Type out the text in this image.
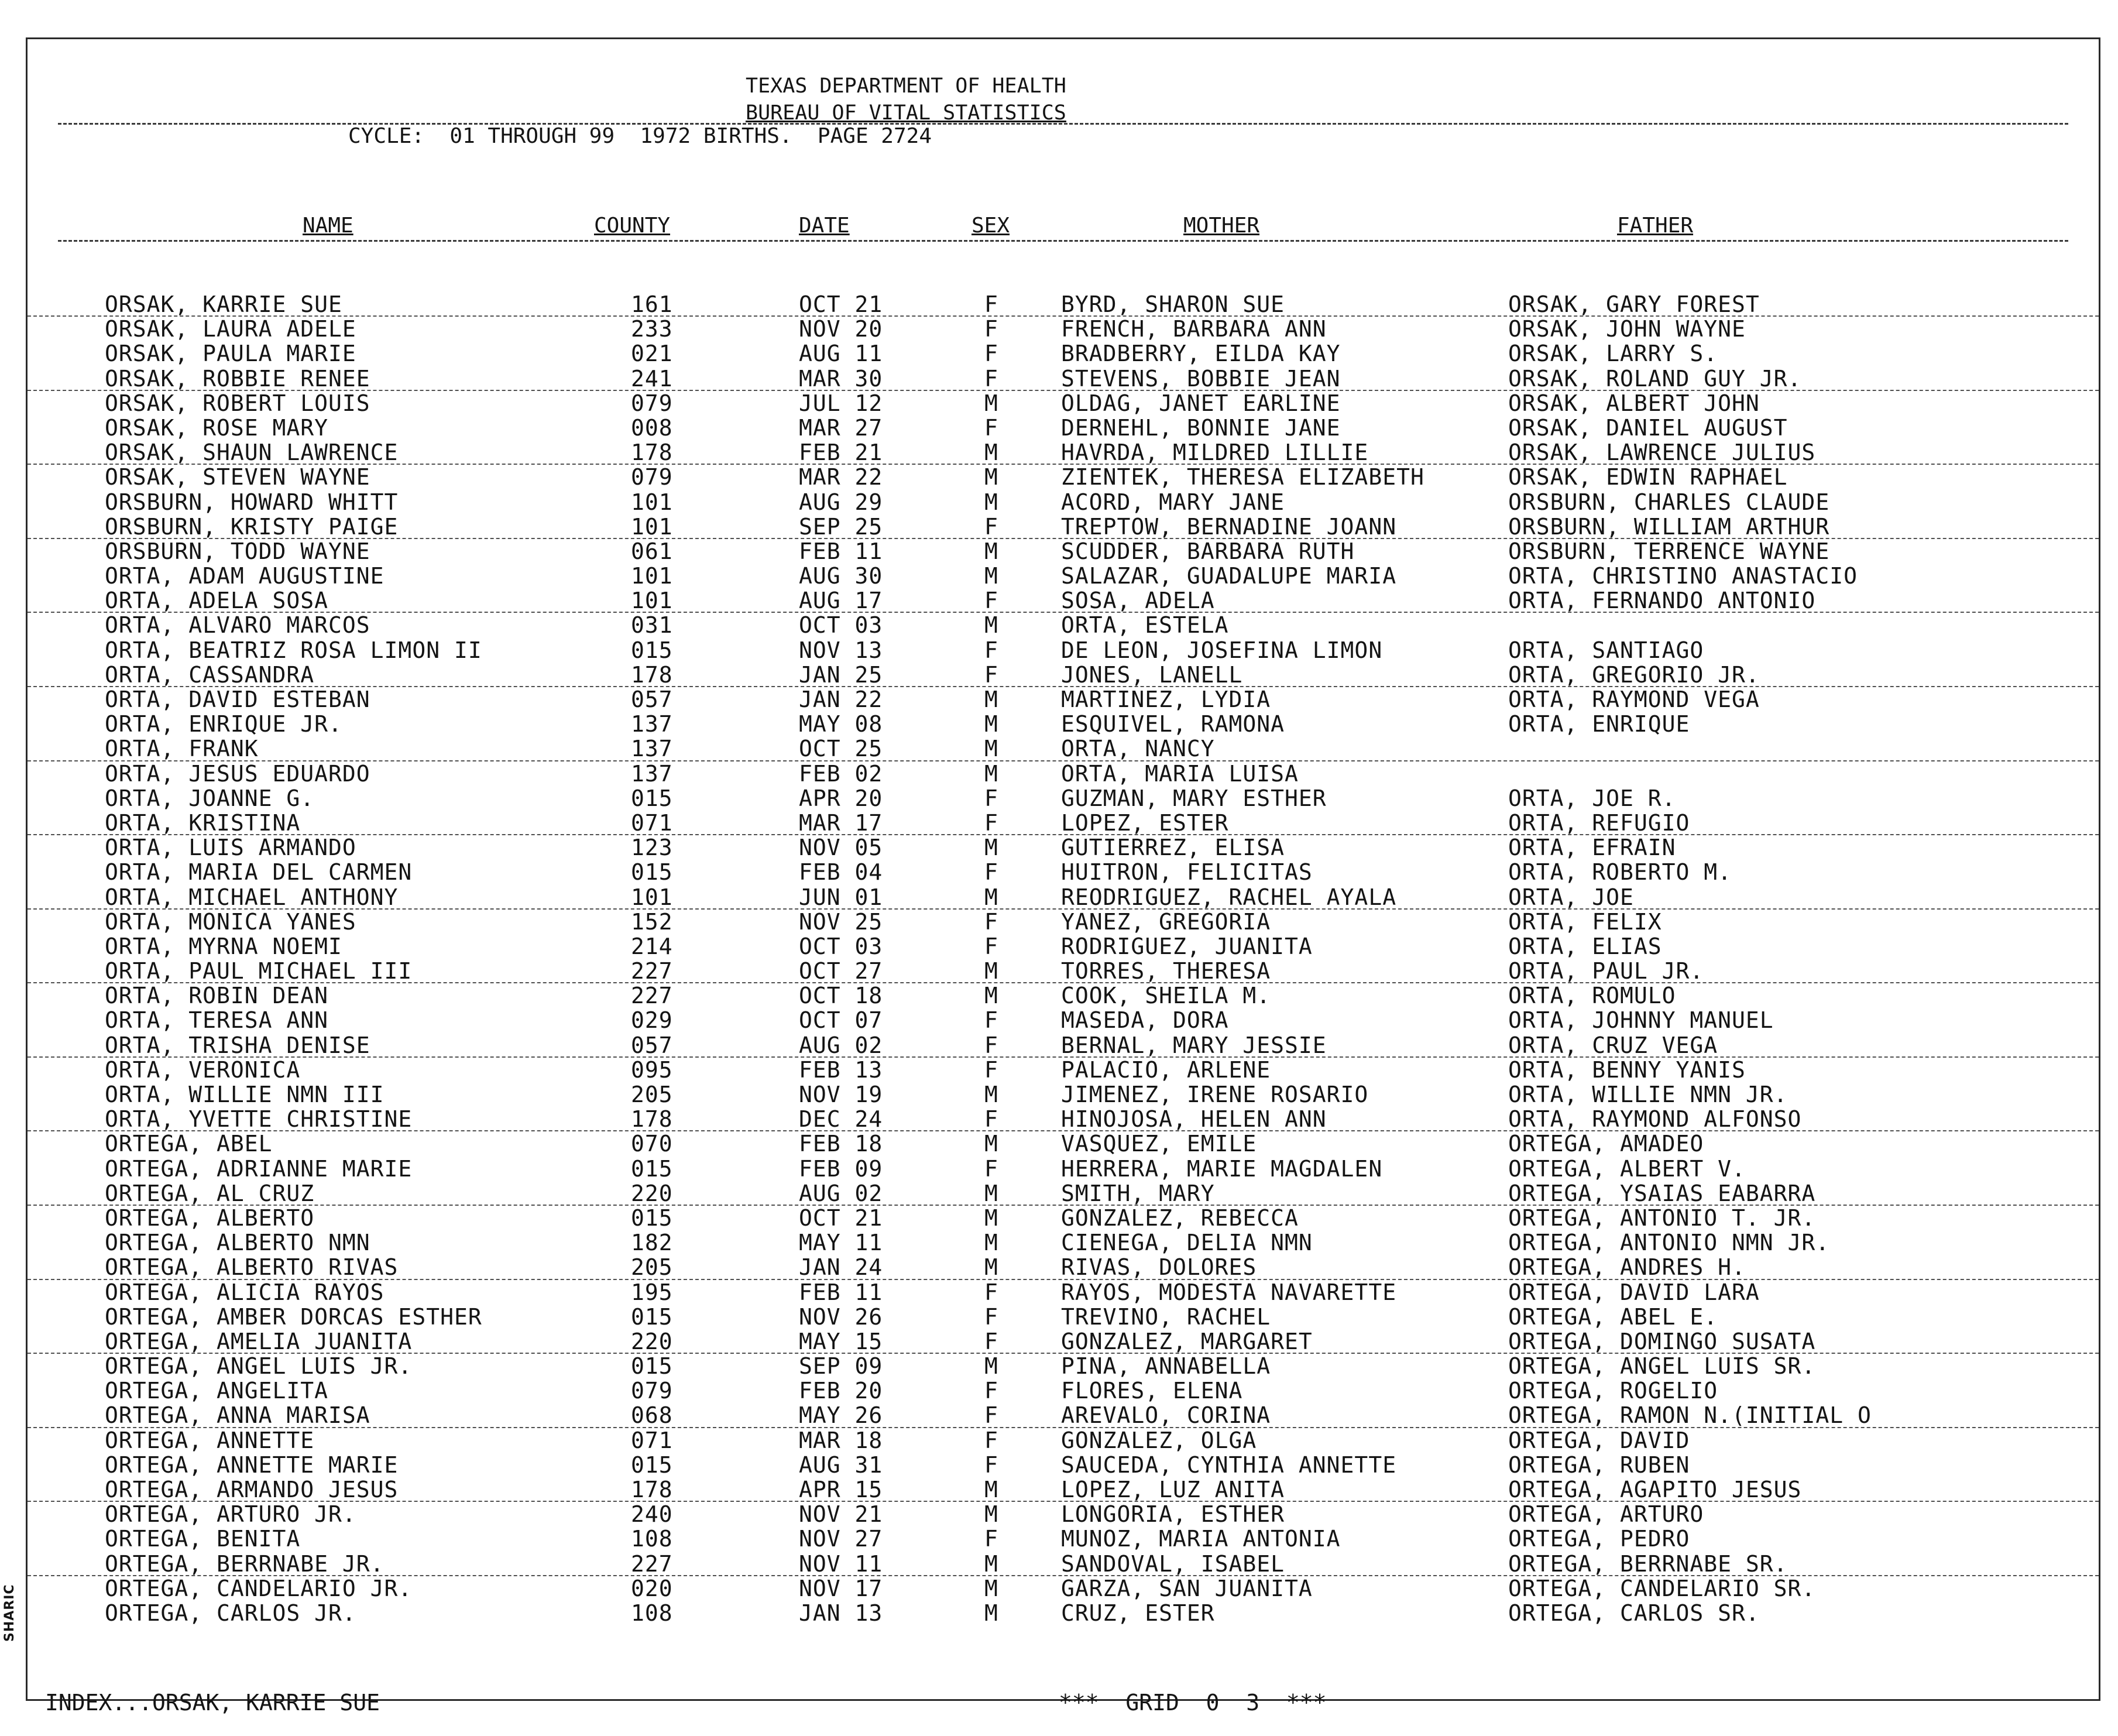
TEXAS DEPARTMENT OF HEALTH
BUREAU OF VITAL STATISTICS
CYCLE:  01 THROUGH 99  1972 BIRTHS.  PAGE 2724
NAME	COUNTY	DATE	SEX	MOTHER	FATHER
ORSAK, KARRIE SUE	161	OCT 21	F	BYRD, SHARON SUE	ORSAK, GARY FOREST
ORSAK, LAURA ADELE	233	NOV 20	F	FRENCH, BARBARA ANN	ORSAK, JOHN WAYNE
ORSAK, PAULA MARIE	021	AUG 11	F	BRADBERRY, EILDA KAY	ORSAK, LARRY S.
ORSAK, ROBBIE RENEE	241	MAR 30	F	STEVENS, BOBBIE JEAN	ORSAK, ROLAND GUY JR.
ORSAK, ROBERT LOUIS	079	JUL 12	M	OLDAG, JANET EARLINE	ORSAK, ALBERT JOHN
ORSAK, ROSE MARY	008	MAR 27	F	DERNEHL, BONNIE JANE	ORSAK, DANIEL AUGUST
ORSAK, SHAUN LAWRENCE	178	FEB 21	M	HAVRDA, MILDRED LILLIE	ORSAK, LAWRENCE JULIUS
ORSAK, STEVEN WAYNE	079	MAR 22	M	ZIENTEK, THERESA ELIZABETH	ORSAK, EDWIN RAPHAEL
ORSBURN, HOWARD WHITT	101	AUG 29	M	ACORD, MARY JANE	ORSBURN, CHARLES CLAUDE
ORSBURN, KRISTY PAIGE	101	SEP 25	F	TREPTOW, BERNADINE JOANN	ORSBURN, WILLIAM ARTHUR
ORSBURN, TODD WAYNE	061	FEB 11	M	SCUDDER, BARBARA RUTH	ORSBURN, TERRENCE WAYNE
ORTA, ADAM AUGUSTINE	101	AUG 30	M	SALAZAR, GUADALUPE MARIA	ORTA, CHRISTINO ANASTACIO
ORTA, ADELA SOSA	101	AUG 17	F	SOSA, ADELA	ORTA, FERNANDO ANTONIO
ORTA, ALVARO MARCOS	031	OCT 03	M	ORTA, ESTELA
ORTA, BEATRIZ ROSA LIMON II	015	NOV 13	F	DE LEON, JOSEFINA LIMON	ORTA, SANTIAGO
ORTA, CASSANDRA	178	JAN 25	F	JONES, LANELL	ORTA, GREGORIO JR.
ORTA, DAVID ESTEBAN	057	JAN 22	M	MARTINEZ, LYDIA	ORTA, RAYMOND VEGA
ORTA, ENRIQUE JR.	137	MAY 08	M	ESQUIVEL, RAMONA	ORTA, ENRIQUE
ORTA, FRANK	137	OCT 25	M	ORTA, NANCY
ORTA, JESUS EDUARDO	137	FEB 02	M	ORTA, MARIA LUISA
ORTA, JOANNE G.	015	APR 20	F	GUZMAN, MARY ESTHER	ORTA, JOE R.
ORTA, KRISTINA	071	MAR 17	F	LOPEZ, ESTER	ORTA, REFUGIO
ORTA, LUIS ARMANDO	123	NOV 05	M	GUTIERREZ, ELISA	ORTA, EFRAIN
ORTA, MARIA DEL CARMEN	015	FEB 04	F	HUITRON, FELICITAS	ORTA, ROBERTO M.
ORTA, MICHAEL ANTHONY	101	JUN 01	M	REODRIGUEZ, RACHEL AYALA	ORTA, JOE
ORTA, MONICA YANES	152	NOV 25	F	YANEZ, GREGORIA	ORTA, FELIX
ORTA, MYRNA NOEMI	214	OCT 03	F	RODRIGUEZ, JUANITA	ORTA, ELIAS
ORTA, PAUL MICHAEL III	227	OCT 27	M	TORRES, THERESA	ORTA, PAUL JR.
ORTA, ROBIN DEAN	227	OCT 18	M	COOK, SHEILA M.	ORTA, ROMULO
ORTA, TERESA ANN	029	OCT 07	F	MASEDA, DORA	ORTA, JOHNNY MANUEL
ORTA, TRISHA DENISE	057	AUG 02	F	BERNAL, MARY JESSIE	ORTA, CRUZ VEGA
ORTA, VERONICA	095	FEB 13	F	PALACIO, ARLENE	ORTA, BENNY YANIS
ORTA, WILLIE NMN III	205	NOV 19	M	JIMENEZ, IRENE ROSARIO	ORTA, WILLIE NMN JR.
ORTA, YVETTE CHRISTINE	178	DEC 24	F	HINOJOSA, HELEN ANN	ORTA, RAYMOND ALFONSO
ORTEGA, ABEL	070	FEB 18	M	VASQUEZ, EMILE	ORTEGA, AMADEO
ORTEGA, ADRIANNE MARIE	015	FEB 09	F	HERRERA, MARIE MAGDALEN	ORTEGA, ALBERT V.
ORTEGA, AL CRUZ	220	AUG 02	M	SMITH, MARY	ORTEGA, YSAIAS EABARRA
ORTEGA, ALBERTO	015	OCT 21	M	GONZALEZ, REBECCA	ORTEGA, ANTONIO T. JR.
ORTEGA, ALBERTO NMN	182	MAY 11	M	CIENEGA, DELIA NMN	ORTEGA, ANTONIO NMN JR.
ORTEGA, ALBERTO RIVAS	205	JAN 24	M	RIVAS, DOLORES	ORTEGA, ANDRES H.
ORTEGA, ALICIA RAYOS	195	FEB 11	F	RAYOS, MODESTA NAVARETTE	ORTEGA, DAVID LARA
ORTEGA, AMBER DORCAS ESTHER	015	NOV 26	F	TREVINO, RACHEL	ORTEGA, ABEL E.
ORTEGA, AMELIA JUANITA	220	MAY 15	F	GONZALEZ, MARGARET	ORTEGA, DOMINGO SUSATA
ORTEGA, ANGEL LUIS JR.	015	SEP 09	M	PINA, ANNABELLA	ORTEGA, ANGEL LUIS SR.
ORTEGA, ANGELITA	079	FEB 20	F	FLORES, ELENA	ORTEGA, ROGELIO
ORTEGA, ANNA MARISA	068	MAY 26	F	AREVALO, CORINA	ORTEGA, RAMON N.(INITIAL O
ORTEGA, ANNETTE	071	MAR 18	F	GONZALEZ, OLGA	ORTEGA, DAVID
ORTEGA, ANNETTE MARIE	015	AUG 31	F	SAUCEDA, CYNTHIA ANNETTE	ORTEGA, RUBEN
ORTEGA, ARMANDO JESUS	178	APR 15	M	LOPEZ, LUZ ANITA	ORTEGA, AGAPITO JESUS
ORTEGA, ARTURO JR.	240	NOV 21	M	LONGORIA, ESTHER	ORTEGA, ARTURO
ORTEGA, BENITA	108	NOV 27	F	MUNOZ, MARIA ANTONIA	ORTEGA, PEDRO
ORTEGA, BERRNABE JR.	227	NOV 11	M	SANDOVAL, ISABEL	ORTEGA, BERRNABE SR.
ORTEGA, CANDELARIO JR.	020	NOV 17	M	GARZA, SAN JUANITA	ORTEGA, CANDELARIO SR.
ORTEGA, CARLOS JR.	108	JAN 13	M	CRUZ, ESTER	ORTEGA, CARLOS SR.
INDEX...ORSAK, KARRIE SUE	***  GRID  0  3  ***
SHARIC
